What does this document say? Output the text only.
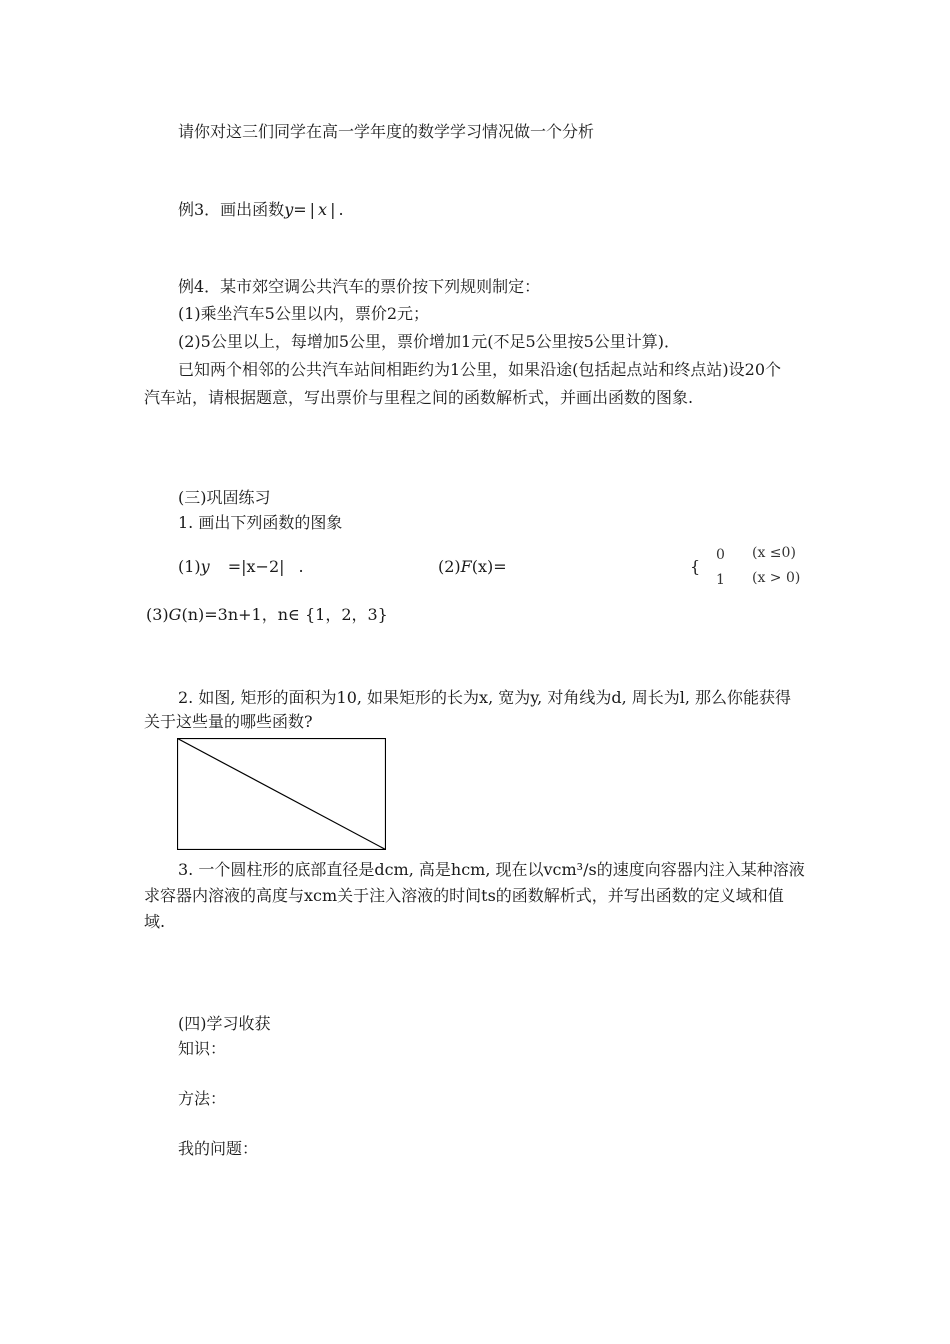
请你对这三们同学在高一学年度的数学学习情况做一个分析
例3．画出函数y= | x | .
例4．某市郊空调公共汽车的票价按下列规则制定：
(1)乘坐汽车5公里以内，票价2元；
(2)5公里以上，每增加5公里，票价增加1元(不足5公里按5公里计算)．
已知两个相邻的公共汽车站间相距约为1公里，如果沿途(包括起点站和终点站)设20个
汽车站，请根据题意，写出票价与里程之间的函数解析式，并画出函数的图象.
(三)巩固练习
1. 画出下列函数的图象
(1)y =|x−2| .	(2)F(x)=	{
0 (x ≤0)
1 (x > 0)
(3)G(n)=3n+1，n∈ {1，2，3}
2. 如图, 矩形的面积为10, 如果矩形的长为x, 宽为y, 对角线为d, 周长为l, 那么你能获得
关于这些量的哪些函数?
3. 一个圆柱形的底部直径是dcm, 高是hcm, 现在以vcm³/s的速度向容器内注入某种溶液
求容器内溶液的高度与xcm关于注入溶液的时间ts的函数解析式，并写出函数的定义域和值
域.
(四)学习收获
知识：
方法：
我的问题：
